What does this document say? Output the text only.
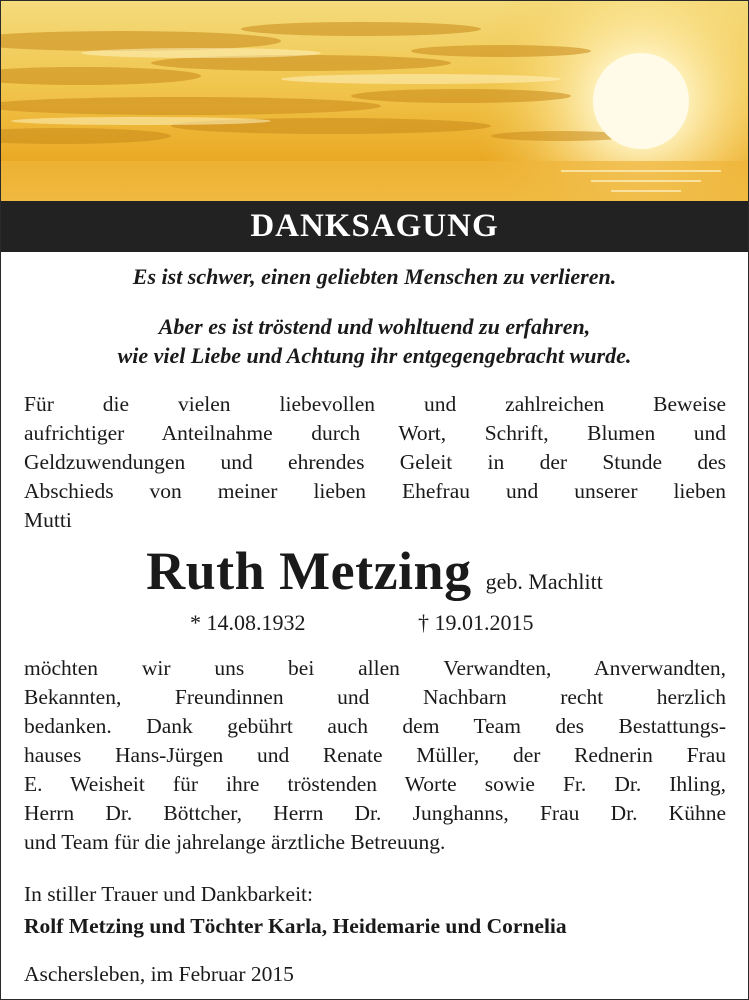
DANKSAGUNG
Es ist schwer, einen geliebten Menschen zu verlieren.
Aber es ist tröstend und wohltuend zu erfahren,
wie viel Liebe und Achtung ihr entgegengebracht wurde.
Für die vielen liebevollen und zahlreichen Beweise
aufrichtiger Anteilnahme durch Wort, Schrift, Blumen und
Geldzuwendungen und ehrendes Geleit in der Stunde des
Abschieds von meiner lieben Ehefrau und unserer lieben
Mutti
Ruth Metzing geb. Machlitt
* 14.08.1932	† 19.01.2015
möchten wir uns bei allen Verwandten, Anverwandten,
Bekannten, Freundinnen und Nachbarn recht herzlich
bedanken. Dank gebührt auch dem Team des Bestattungs-
hauses Hans-Jürgen und Renate Müller, der Rednerin Frau
E. Weisheit für ihre tröstenden Worte sowie Fr. Dr. Ihling,
Herrn Dr. Böttcher, Herrn Dr. Junghanns, Frau Dr. Kühne
und Team für die jahrelange ärztliche Betreuung.
In stiller Trauer und Dankbarkeit:
Rolf Metzing und Töchter Karla, Heidemarie und Cornelia
Aschersleben, im Februar 2015
